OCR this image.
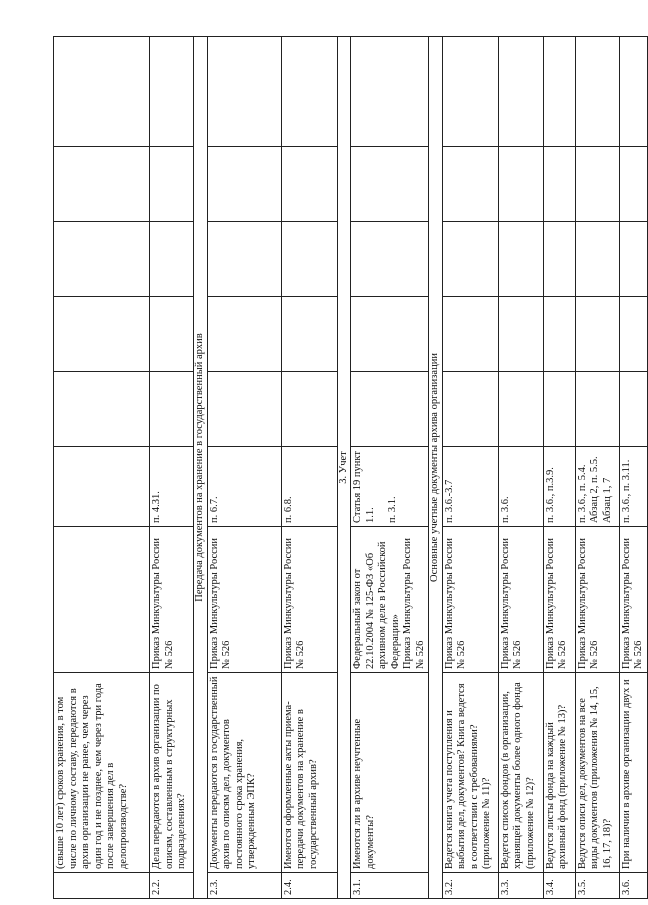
	(свыше 10 лет) сроков хранения, в том числе по личному составу, передаются в архив организации не ранее, чем через один год и не позднее, чем через три года после завершения дел в делопроизводстве?							
2.2.	Дела передаются в архив организации по описям, составленным в структурных подразделениях?	Приказ Минкультуры России № 526	п. 4.31.					
Передача документов на хранение в государственный архив								
2.3.	Документы передаются в государственный архив по описям дел, документов постоянного срока хранения, утвержденным ЭПК?	Приказ Минкультуры России № 526	п. 6.7.					
2.4.	Имеются оформленные акты приема-передачи документов на хранение в государственный архив?	Приказ Минкультуры России № 526	п. 6.8.					
3. Учет								
3.1.	Имеются ли в архиве неучтенные документы?	Федеральный закон от 22.10.2004 № 125-ФЗ «Об архивном деле в Российской Федерации» Приказ Минкультуры России № 526	Статья 19 пункт 1.1. п. 3.1.					

Основные учетные документы архива организации								
3.2.	Ведется книга учета поступления и выбытия дел, документов? Книга ведется в соответствии с требованиями? (приложение № 11)?	Приказ Минкультуры России № 526	п. 3.6.-3.7					
3.3.	Ведется список фондов (в организации, хранящей документы более одного фонда (приложение № 12)?	Приказ Минкультуры России № 526	п. 3.6.					
3.4.	Ведутся листы фонда на каждый архивный фонд (приложение № 13)?	Приказ Минкультуры России № 526	п. 3.6., п.3.9.					
3.5.	Ведутся описи дел, документов на все виды документов (приложения № 14, 15, 16, 17, 18)?	Приказ Минкультуры России № 526	п. 3.6., п. 5.4. Абзац 2, п. 5.5. Абзац 1, 7					

3.6.	При наличии в архиве организации двух и	Приказ Минкультуры России № 526	п. 3.6., п. 3.11.					
